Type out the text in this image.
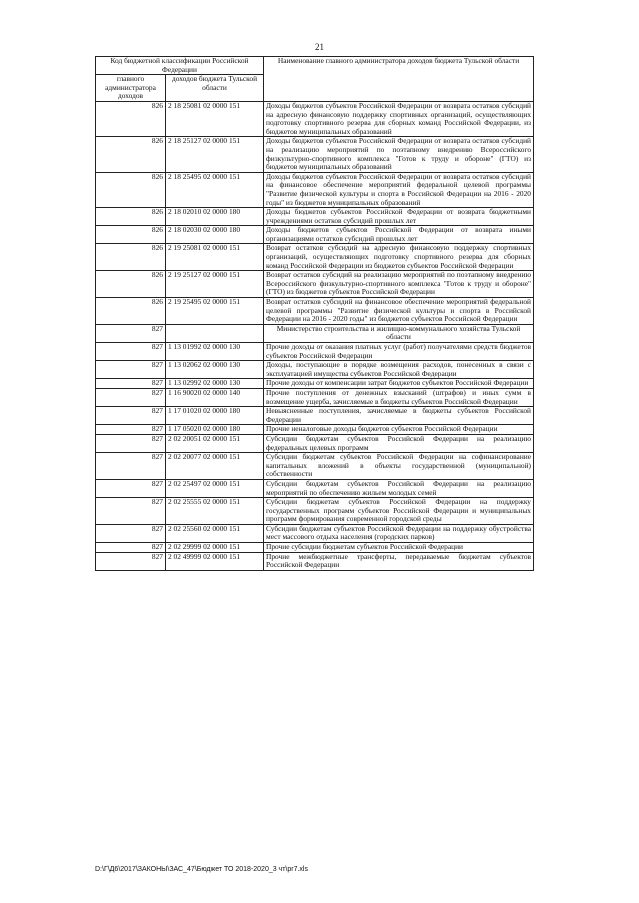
21
Код бюджетной классификации Российской Федерации		Наименование главного администратора доходов бюджета Тульской области
главного администратора доходов	доходов бюджета Тульской области	
826	2 18 25081 02 0000 151	Доходы бюджетов субъектов Российской Федерации от возврата остатков субсидий на адресную финансовую поддержку спортивных организаций, осуществляющих подготовку спортивного резерва для сборных команд Российской Федерации, из бюджетов муниципальных образований
826	2 18 25127 02 0000 151	Доходы бюджетов субъектов Российской Федерации от возврата остатков субсидий на реализацию мероприятий по поэтапному внедрению Всероссийского физкультурно-спортивного комплекса "Готов к труду и обороне" (ГТО) из бюджетов муниципальных образований
826	2 18 25495 02 0000 151	Доходы бюджетов субъектов Российской Федерации от возврата остатков субсидий на финансовое обеспечение мероприятий федеральной целевой программы "Развитие физической культуры и спорта в Российской Федерации на 2016 - 2020 годы" из бюджетов муниципальных образований
826	2 18 02010 02 0000 180	Доходы бюджетов субъектов Российской Федерации от возврата бюджетными учреждениями остатков субсидий прошлых лет
826	2 18 02030 02 0000 180	Доходы бюджетов субъектов Российской Федерации от возврата иными организациями остатков субсидий прошлых лет
826	2 19 25081 02 0000 151	Возврат остатков субсидий на адресную финансовую поддержку спортивных организаций, осуществляющих подготовку спортивного резерва для сборных команд Российской Федерации из бюджетов субъектов Российской Федерации
826	2 19 25127 02 0000 151	Возврат остатков субсидий на реализацию мероприятий по поэтапному внедрению Всероссийского физкультурно-спортивного комплекса "Готов к труду и обороне" (ГТО) из бюджетов субъектов Российской Федерации
826	2 19 25495 02 0000 151	Возврат остатков субсидий на финансовое обеспечение мероприятий федеральной целевой программы "Развитие физической культуры и спорта в Российской Федерации на 2016 - 2020 годы" из бюджетов субъектов Российской Федерации
827		Министерство строительства и жилищно-коммунального хозяйства Тульской области
827	1 13 01992 02 0000 130	Прочие доходы от оказания платных услуг (работ) получателями средств бюджетов субъектов Российской Федерации
827	1 13 02062 02 0000 130	Доходы, поступающие в порядке возмещения расходов, понесенных в связи с эксплуатацией имущества субъектов Российской Федерации
827	1 13 02992 02 0000 130	Прочие доходы от компенсации затрат бюджетов субъектов Российской Федерации
827	1 16 90020 02 0000 140	Прочие поступления от денежных взысканий (штрафов) и иных сумм в возмещение ущерба, зачисляемые в бюджеты субъектов Российской Федерации
827	1 17 01020 02 0000 180	Невыясненные поступления, зачисляемые в бюджеты субъектов Российской Федерации
827	1 17 05020 02 0000 180	Прочие неналоговые доходы бюджетов субъектов Российской Федерации
827	2 02 20051 02 0000 151	Субсидии бюджетам субъектов Российской Федерации на реализацию федеральных целевых программ
827	2 02 20077 02 0000 151	Субсидии бюджетам субъектов Российской Федерации на софинансирование капитальных вложений в объекты государственной (муниципальной) собственности
827	2 02 25497 02 0000 151	Субсидии бюджетам субъектов Российской Федерации на реализацию мероприятий по обеспечению жильем молодых семей
827	2 02 25555 02 0000 151	Субсидии бюджетам субъектов Российской Федерации на поддержку государственных программ субъектов Российской Федерации и муниципальных программ формирования современной городской среды
827	2 02 25560 02 0000 151	Субсидии бюджетам субъектов Российской Федерации на поддержку обустройства мест массового отдыха населения (городских парков)
827	2 02 29999 02 0000 151	Прочие субсидии бюджетам субъектов Российской Федерации
827	2 02 49999 02 0000 151	Прочие межбюджетные трансферты, передаваемые бюджетам субъектов Российской Федерации
D:\Г\Д6\2017\ЗАКОНЫ\ЗАС_47\Бюджет ТО 2018-2020_3 чт\pr7.xls
